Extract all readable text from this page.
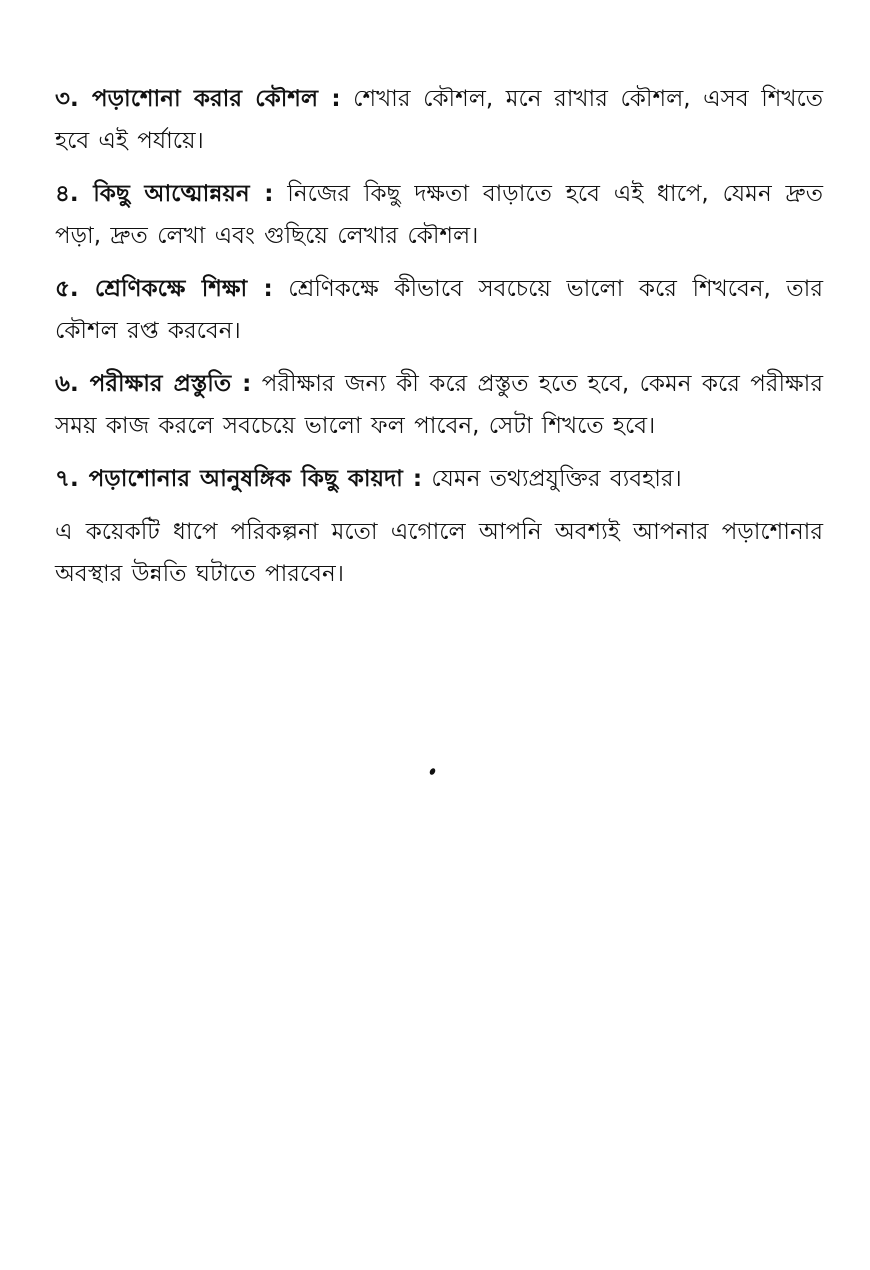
৩. পড়াশোনা করার কৌশল : শেখার কৌশল, মনে রাখার কৌশল, এসব শিখতে হবে এই পর্যায়ে।

৪. কিছু আত্মোন্নয়ন : নিজের কিছু দক্ষতা বাড়াতে হবে এই ধাপে, যেমন দ্রুত পড়া, দ্রুত লেখা এবং গুছিয়ে লেখার কৌশল।

৫. শ্রেণিকক্ষে শিক্ষা : শ্রেণিকক্ষে কীভাবে সবচেয়ে ভালো করে শিখবেন, তার কৌশল রপ্ত করবেন।

৬. পরীক্ষার প্রস্তুতি : পরীক্ষার জন্য কী করে প্রস্তুত হতে হবে, কেমন করে পরীক্ষার সময় কাজ করলে সবচেয়ে ভালো ফল পাবেন, সেটা শিখতে হবে।

৭. পড়াশোনার আনুষঙ্গিক কিছু কায়দা : যেমন তথ্যপ্রযুক্তির ব্যবহার।

এ কয়েকটি ধাপে পরিকল্পনা মতো এগোলে আপনি অবশ্যই আপনার পড়াশোনার অবস্থার উন্নতি ঘটাতে পারবেন।
